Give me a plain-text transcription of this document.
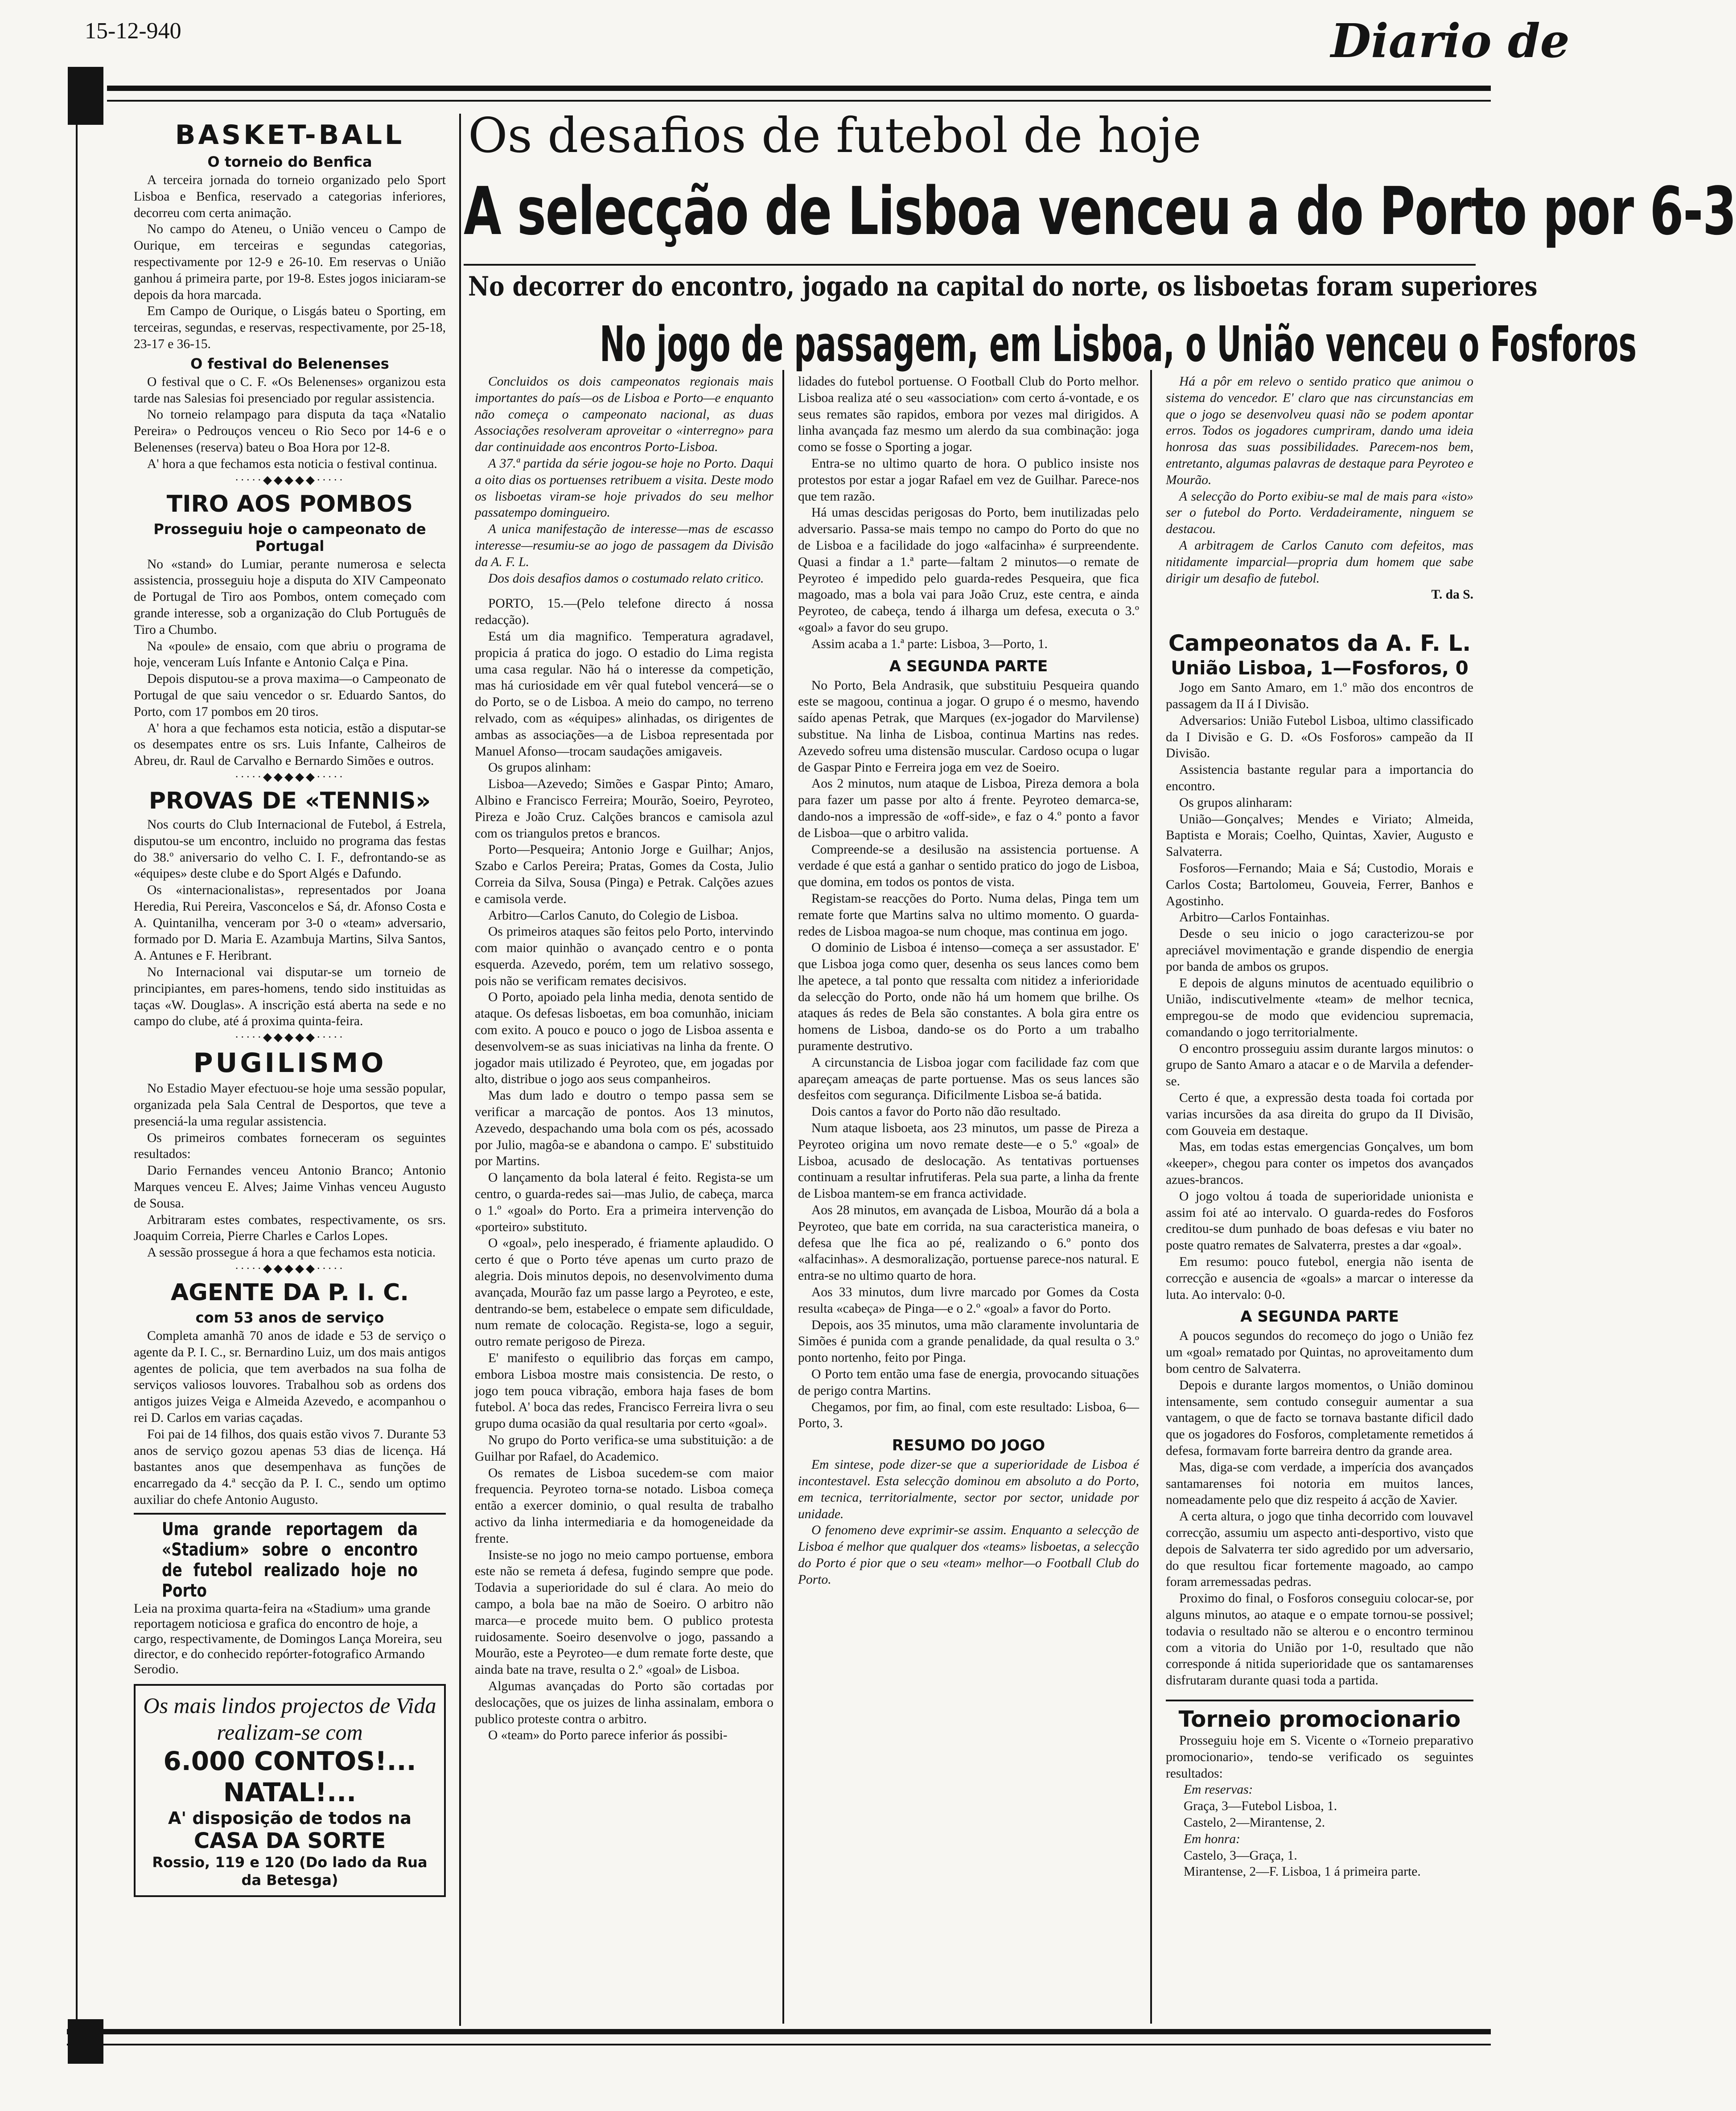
15-12-940	Diario de
Os desafios de futebol de hoje
A selecção de Lisboa venceu a do Porto por 6-3
No decorrer do encontro, jogado na capital do norte, os lisboetas foram superiores
No jogo de passagem, em Lisboa, o União venceu o Fosforos
BASKET-BALL
O torneio do Benfica

A terceira jornada do torneio organizado pelo Sport Lisboa e Benfica, reservado a categorias inferiores, decorreu com certa animação.

No campo do Ateneu, o União venceu o Campo de Ourique, em terceiras e segundas categorias, respectivamente por 12-9 e 26-10. Em reservas o União ganhou á primeira parte, por 19-8. Estes jogos iniciaram-se depois da hora marcada.

Em Campo de Ourique, o Lisgás bateu o Sporting, em terceiras, segundas, e reservas, respectivamente, por 25-18, 23-17 e 36-15.

O festival do Belenenses

O festival que o C. F. «Os Belenenses» organizou esta tarde nas Salesias foi presenciado por regular assistencia.

No torneio relampago para disputa da taça «Natalio Pereira» o Pedrouços venceu o Rio Seco por 14-6 e o Belenenses (reserva) bateu o Boa Hora por 12-8.

A' hora a que fechamos esta noticia o festival continua.

·····◆◆◆◆◆·····
TIRO AOS POMBOS
Prosseguiu hoje o campeonato de Portugal

No «stand» do Lumiar, perante numerosa e selecta assistencia, prosseguiu hoje a disputa do XIV Campeonato de Portugal de Tiro aos Pombos, ontem começado com grande interesse, sob a organização do Club Português de Tiro a Chumbo.

Na «poule» de ensaio, com que abriu o programa de hoje, venceram Luís Infante e Antonio Calça e Pina.

Depois disputou-se a prova maxima—o Campeonato de Portugal de que saiu vencedor o sr. Eduardo Santos, do Porto, com 17 pombos em 20 tiros.

A' hora a que fechamos esta noticia, estão a disputar-se os desempates entre os srs. Luis Infante, Calheiros de Abreu, dr. Raul de Carvalho e Bernardo Simões e outros.

·····◆◆◆◆◆·····
PROVAS DE «TENNIS»

Nos courts do Club Internacional de Futebol, á Estrela, disputou-se um encontro, incluido no programa das festas do 38.º aniversario do velho C. I. F., defrontando-se as «équipes» deste clube e do Sport Algés e Dafundo.

Os «internacionalistas», representados por Joana Heredia, Rui Pereira, Vasconcelos e Sá, dr. Afonso Costa e A. Quintanilha, venceram por 3-0 o «team» adversario, formado por D. Maria E. Azambuja Martins, Silva Santos, A. Antunes e F. Heribrant.

No Internacional vai disputar-se um torneio de principiantes, em pares-homens, tendo sido instituidas as taças «W. Douglas». A inscrição está aberta na sede e no campo do clube, até á proxima quinta-feira.

·····◆◆◆◆◆·····
PUGILISMO

No Estadio Mayer efectuou-se hoje uma sessão popular, organizada pela Sala Central de Desportos, que teve a presenciá-la uma regular assistencia.

Os primeiros combates forneceram os seguintes resultados:

Dario Fernandes venceu Antonio Branco; Antonio Marques venceu E. Alves; Jaime Vinhas venceu Augusto de Sousa.

Arbitraram estes combates, respectivamente, os srs. Joaquim Correia, Pierre Charles e Carlos Lopes.

A sessão prossegue á hora a que fechamos esta noticia.

·····◆◆◆◆◆·····
AGENTE DA P. I. C.
com 53 anos de serviço

Completa amanhã 70 anos de idade e 53 de serviço o agente da P. I. C., sr. Bernardino Luiz, um dos mais antigos agentes de policia, que tem averbados na sua folha de serviços valiosos louvores. Trabalhou sob as ordens dos antigos juizes Veiga e Almeida Azevedo, e acompanhou o rei D. Carlos em varias caçadas.

Foi pai de 14 filhos, dos quais estão vivos 7. Durante 53 anos de serviço gozou apenas 53 dias de licença. Há bastantes anos que desempenhava as funções de encarregado da 4.ª secção da P. I. C., sendo um optimo auxiliar do chefe Antonio Augusto.

Uma grande reportagem da «Stadium» sobre o encontro de futebol realizado hoje no Porto
Leia na proxima quarta-feira na «Stadium» uma grande reportagem noticiosa e grafica do encontro de hoje, a cargo, respectivamente, de Domingos Lança Moreira, seu director, e do conhecido repórter-fotografico Armando Serodio.
Os mais lindos projectos de Vida realizam-se com
6.000 CONTOS!... NATAL!...
A' disposição de todos na
CASA DA SORTE
Rossio, 119 e 120 (Do lado da Rua da Betesga)

Concluidos os dois campeonatos regionais mais importantes do país—os de Lisboa e Porto—e enquanto não começa o campeonato nacional, as duas Associações resolveram aproveitar o «interregno» para dar continuidade aos encontros Porto-Lisboa.

A 37.ª partida da série jogou-se hoje no Porto. Daqui a oito dias os portuenses retribuem a visita. Deste modo os lisboetas viram-se hoje privados do seu melhor passatempo domingueiro.

A unica manifestação de interesse—mas de escasso interesse—resumiu-se ao jogo de passagem da Divisão da A. F. L.

Dos dois desafios damos o costumado relato critico.

PORTO, 15.—(Pelo telefone directo á nossa redacção).

Está um dia magnifico. Temperatura agradavel, propicia á pratica do jogo. O estadio do Lima regista uma casa regular. Não há o interesse da competição, mas há curiosidade em vêr qual futebol vencerá—se o do Porto, se o de Lisboa. A meio do campo, no terreno relvado, com as «équipes» alinhadas, os dirigentes de ambas as associações—a de Lisboa representada por Manuel Afonso—trocam saudações amigaveis.

Os grupos alinham:

Lisboa—Azevedo; Simões e Gaspar Pinto; Amaro, Albino e Francisco Ferreira; Mourão, Soeiro, Peyroteo, Pireza e João Cruz. Calções brancos e camisola azul com os triangulos pretos e brancos.

Porto—Pesqueira; Antonio Jorge e Guilhar; Anjos, Szabo e Carlos Pereira; Pratas, Gomes da Costa, Julio Correia da Silva, Sousa (Pinga) e Petrak. Calções azues e camisola verde.

Arbitro—Carlos Canuto, do Colegio de Lisboa.

Os primeiros ataques são feitos pelo Porto, intervindo com maior quinhão o avançado centro e o ponta esquerda. Azevedo, porém, tem um relativo sossego, pois não se verificam remates decisivos.

O Porto, apoiado pela linha media, denota sentido de ataque. Os defesas lisboetas, em boa comunhão, iniciam com exito. A pouco e pouco o jogo de Lisboa assenta e desenvolvem-se as suas iniciativas na linha da frente. O jogador mais utilizado é Peyroteo, que, em jogadas por alto, distribue o jogo aos seus companheiros.

Mas dum lado e doutro o tempo passa sem se verificar a marcação de pontos. Aos 13 minutos, Azevedo, despachando uma bola com os pés, acossado por Julio, magôa-se e abandona o campo. E' substituido por Martins.

O lançamento da bola lateral é feito. Regista-se um centro, o guarda-redes sai—mas Julio, de cabeça, marca o 1.º «goal» do Porto. Era a primeira intervenção do «porteiro» substituto.

O «goal», pelo inesperado, é friamente aplaudido. O certo é que o Porto téve apenas um curto prazo de alegria. Dois minutos depois, no desenvolvimento duma avançada, Mourão faz um passe largo a Peyroteo, e este, dentrando-se bem, estabelece o empate sem dificuldade, num remate de colocação. Regista-se, logo a seguir, outro remate perigoso de Pireza.

E' manifesto o equilibrio das forças em campo, embora Lisboa mostre mais consistencia. De resto, o jogo tem pouca vibração, embora haja fases de bom futebol. A' boca das redes, Francisco Ferreira livra o seu grupo duma ocasião da qual resultaria por certo «goal».

No grupo do Porto verifica-se uma substituição: a de Guilhar por Rafael, do Academico.

Os remates de Lisboa sucedem-se com maior frequencia. Peyroteo torna-se notado. Lisboa começa então a exercer dominio, o qual resulta de trabalho activo da linha intermediaria e da homogeneidade da frente.

Insiste-se no jogo no meio campo portuense, embora este não se remeta á defesa, fugindo sempre que pode. Todavia a superioridade do sul é clara. Ao meio do campo, a bola bae na mão de Soeiro. O arbitro não marca—e procede muito bem. O publico protesta ruidosamente. Soeiro desenvolve o jogo, passando a Mourão, este a Peyroteo—e dum remate forte deste, que ainda bate na trave, resulta o 2.º «goal» de Lisboa.

Algumas avançadas do Porto são cortadas por deslocações, que os juizes de linha assinalam, embora o publico proteste contra o arbitro.

O «team» do Porto parece inferior ás possibi-

lidades do futebol portuense. O Football Club do Porto melhor. Lisboa realiza até o seu «association» com certo á-vontade, e os seus remates são rapidos, embora por vezes mal dirigidos. A linha avançada faz mesmo um alerdo da sua combinação: joga como se fosse o Sporting a jogar.

Entra-se no ultimo quarto de hora. O publico insiste nos protestos por estar a jogar Rafael em vez de Guilhar. Parece-nos que tem razão.

Há umas descidas perigosas do Porto, bem inutilizadas pelo adversario. Passa-se mais tempo no campo do Porto do que no de Lisboa e a facilidade do jogo «alfacinha» é surpreendente. Quasi a findar a 1.ª parte—faltam 2 minutos—o remate de Peyroteo é impedido pelo guarda-redes Pesqueira, que fica magoado, mas a bola vai para João Cruz, este centra, e ainda Peyroteo, de cabeça, tendo á ilharga um defesa, executa o 3.º «goal» a favor do seu grupo.

Assim acaba a 1.ª parte: Lisboa, 3—Porto, 1.

A SEGUNDA PARTE

No Porto, Bela Andrasik, que substituiu Pesqueira quando este se magoou, continua a jogar. O grupo é o mesmo, havendo saído apenas Petrak, que Marques (ex-jogador do Marvilense) substitue. Na linha de Lisboa, continua Martins nas redes. Azevedo sofreu uma distensão muscular. Cardoso ocupa o lugar de Gaspar Pinto e Ferreira joga em vez de Soeiro.

Aos 2 minutos, num ataque de Lisboa, Pireza demora a bola para fazer um passe por alto á frente. Peyroteo demarca-se, dando-nos a impressão de «off-side», e faz o 4.º ponto a favor de Lisboa—que o arbitro valida.

Compreende-se a desilusão na assistencia portuense. A verdade é que está a ganhar o sentido pratico do jogo de Lisboa, que domina, em todos os pontos de vista.

Registam-se reacções do Porto. Numa delas, Pinga tem um remate forte que Martins salva no ultimo momento. O guarda-redes de Lisboa magoa-se num choque, mas continua em jogo.

O dominio de Lisboa é intenso—começa a ser assustador. E' que Lisboa joga como quer, desenha os seus lances como bem lhe apetece, a tal ponto que ressalta com nitidez a inferioridade da selecção do Porto, onde não há um homem que brilhe. Os ataques ás redes de Bela são constantes. A bola gira entre os homens de Lisboa, dando-se os do Porto a um trabalho puramente destrutivo.

A circunstancia de Lisboa jogar com facilidade faz com que apareçam ameaças de parte portuense. Mas os seus lances são desfeitos com segurança. Dificilmente Lisboa se-á batida.

Dois cantos a favor do Porto não dão resultado.

Num ataque lisboeta, aos 23 minutos, um passe de Pireza a Peyroteo origina um novo remate deste—e o 5.º «goal» de Lisboa, acusado de deslocação. As tentativas portuenses continuam a resultar infrutiferas. Pela sua parte, a linha da frente de Lisboa mantem-se em franca actividade.

Aos 28 minutos, em avançada de Lisboa, Mourão dá a bola a Peyroteo, que bate em corrida, na sua caracteristica maneira, o defesa que lhe fica ao pé, realizando o 6.º ponto dos «alfacinhas». A desmoralização, portuense parece-nos natural. E entra-se no ultimo quarto de hora.

Aos 33 minutos, dum livre marcado por Gomes da Costa resulta «cabeça» de Pinga—e o 2.º «goal» a favor do Porto.

Depois, aos 35 minutos, uma mão claramente involuntaria de Simões é punida com a grande penalidade, da qual resulta o 3.º ponto nortenho, feito por Pinga.

O Porto tem então uma fase de energia, provocando situações de perigo contra Martins.

Chegamos, por fim, ao final, com este resultado: Lisboa, 6—Porto, 3.

RESUMO DO JOGO

Em sintese, pode dizer-se que a superioridade de Lisboa é incontestavel. Esta selecção dominou em absoluto a do Porto, em tecnica, territorialmente, sector por sector, unidade por unidade.

O fenomeno deve exprimir-se assim. Enquanto a selecção de Lisboa é melhor que qualquer dos «teams» lisboetas, a selecção do Porto é pior que o seu «team» melhor—o Football Club do Porto.

Há a pôr em relevo o sentido pratico que animou o sistema do vencedor. E' claro que nas circunstancias em que o jogo se desenvolveu quasi não se podem apontar erros. Todos os jogadores cumpriram, dando uma ideia honrosa das suas possibilidades. Parecem-nos bem, entretanto, algumas palavras de destaque para Peyroteo e Mourão.

A selecção do Porto exibiu-se mal de mais para «isto» ser o futebol do Porto. Verdadeiramente, ninguem se destacou.

A arbitragem de Carlos Canuto com defeitos, mas nitidamente imparcial—propria dum homem que sabe dirigir um desafio de futebol.

T. da S.
Campeonatos da A. F. L.
União Lisboa, 1—Fosforos, 0

Jogo em Santo Amaro, em 1.º mão dos encontros de passagem da II á I Divisão.

Adversarios: União Futebol Lisboa, ultimo classificado da I Divisão e G. D. «Os Fosforos» campeão da II Divisão.

Assistencia bastante regular para a importancia do encontro.

Os grupos alinharam:

União—Gonçalves; Mendes e Viriato; Almeida, Baptista e Morais; Coelho, Quintas, Xavier, Augusto e Salvaterra.

Fosforos—Fernando; Maia e Sá; Custodio, Morais e Carlos Costa; Bartolomeu, Gouveia, Ferrer, Banhos e Agostinho.

Arbitro—Carlos Fontainhas.

Desde o seu inicio o jogo caracterizou-se por apreciável movimentação e grande dispendio de energia por banda de ambos os grupos.

E depois de alguns minutos de acentuado equilibrio o União, indiscutivelmente «team» de melhor tecnica, empregou-se de modo que evidenciou supremacia, comandando o jogo territorialmente.

O encontro prosseguiu assim durante largos minutos: o grupo de Santo Amaro a atacar e o de Marvila a defender-se.

Certo é que, a expressão desta toada foi cortada por varias incursões da asa direita do grupo da II Divisão, com Gouveia em destaque.

Mas, em todas estas emergencias Gonçalves, um bom «keeper», chegou para conter os impetos dos avançados azues-brancos.

O jogo voltou á toada de superioridade unionista e assim foi até ao intervalo. O guarda-redes do Fosforos creditou-se dum punhado de boas defesas e viu bater no poste quatro remates de Salvaterra, prestes a dar «goal».

Em resumo: pouco futebol, energia não isenta de correcção e ausencia de «goals» a marcar o interesse da luta. Ao intervalo: 0-0.

A SEGUNDA PARTE

A poucos segundos do recomeço do jogo o União fez um «goal» rematado por Quintas, no aproveitamento dum bom centro de Salvaterra.

Depois e durante largos momentos, o União dominou intensamente, sem contudo conseguir aumentar a sua vantagem, o que de facto se tornava bastante dificil dado que os jogadores do Fosforos, completamente remetidos á defesa, formavam forte barreira dentro da grande area.

Mas, diga-se com verdade, a imperícia dos avançados santamarenses foi notoria em muitos lances, nomeadamente pelo que diz respeito á acção de Xavier.

A certa altura, o jogo que tinha decorrido com louvavel correcção, assumiu um aspecto anti-desportivo, visto que depois de Salvaterra ter sido agredido por um adversario, do que resultou ficar fortemente magoado, ao campo foram arremessadas pedras.

Proximo do final, o Fosforos conseguiu colocar-se, por alguns minutos, ao ataque e o empate tornou-se possivel; todavia o resultado não se alterou e o encontro terminou com a vitoria do União por 1-0, resultado que não corresponde á nitida superioridade que os santamarenses disfrutaram durante quasi toda a partida.

Torneio promocionario

Prosseguiu hoje em S. Vicente o «Torneio preparativo promocionario», tendo-se verificado os seguintes resultados:

Em reservas:

Graça, 3—Futebol Lisboa, 1.

Castelo, 2—Mirantense, 2.

Em honra:

Castelo, 3—Graça, 1.

Mirantense, 2—F. Lisboa, 1 á primeira parte.
